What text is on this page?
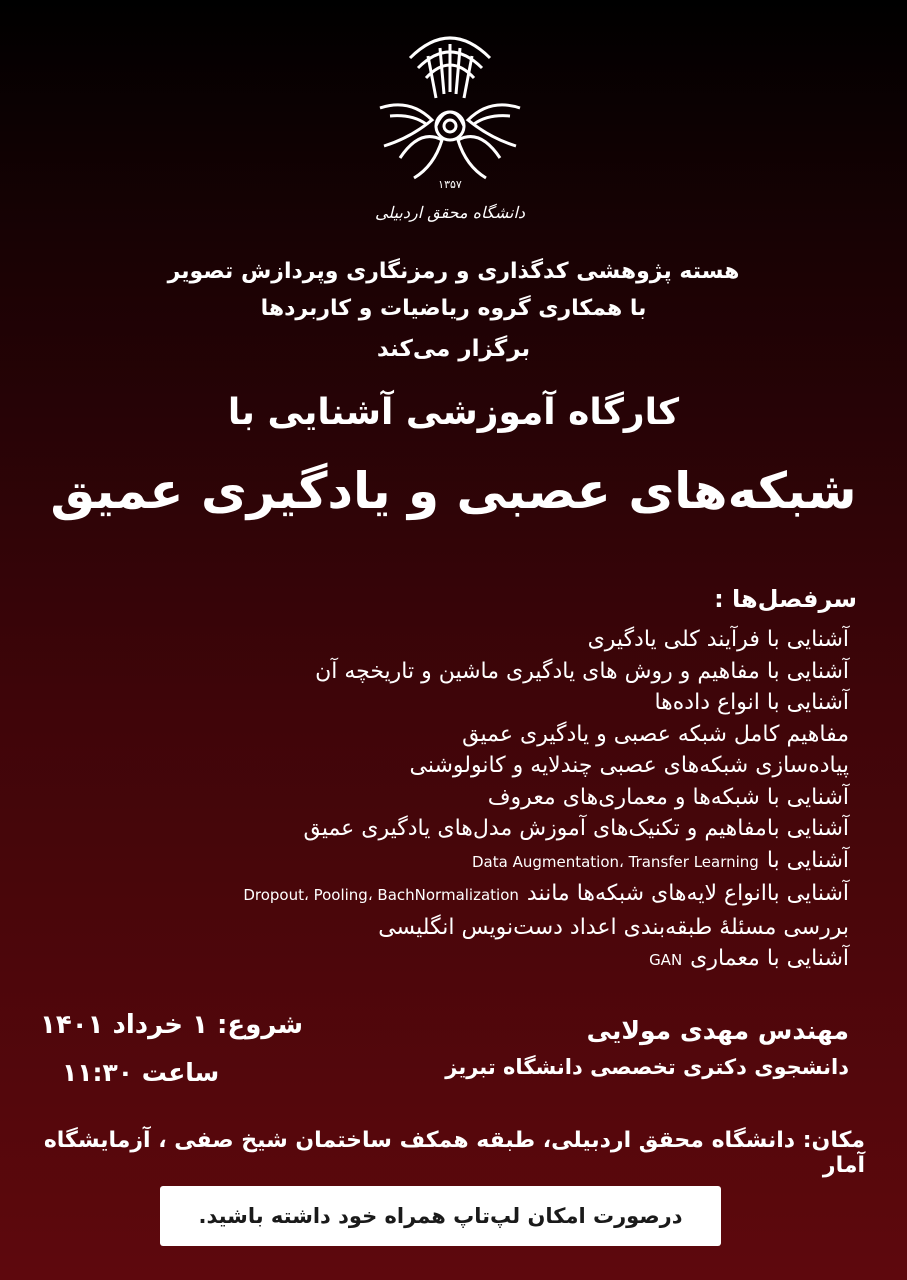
۱۳۵۷
دانشگاه محقق اردبیلی
هسته پژوهشی کدگذاری و رمزنگاری وپردازش تصویر
با همکاری گروه ریاضیات و کاربردها
برگزار می‌کند
کارگاه آموزشی آشنایی با
شبکه‌های عصبی و یادگیری عمیق
سرفصل‌ها :
آشنایی با فرآیند کلی یادگیری
آشنایی با مفاهیم و روش های یادگیری ماشین و تاریخچه آن
آشنایی با انواع داده‌ها
مفاهیم کامل شبکه عصبی و یادگیری عمیق
پیاده‌سازی شبکه‌های عصبی چندلایه و کانولوشنی
آشنایی با شبکه‌ها و معماری‌های معروف
آشنایی بامفاهیم و تکنیک‌های آموزش مدل‌های یادگیری عمیق
آشنایی باData Augmentation، Transfer Learning
آشنایی باانواع لایه‌های شبکه‌ها مانندDropout، Pooling، BachNormalization
بررسی مسئلهٔ طبقه‌بندی اعداد دست‌نویس انگلیسی
آشنایی با معماریGAN
شروع: ۱ خرداد ۱۴۰۱
ساعت ۱۱:۳۰
مهندس مهدی مولایی
دانشجوی دکتری تخصصی دانشگاه تبریز
مکان: دانشگاه محقق اردبیلی، طبقه همکف ساختمان شیخ صفی ، آزمایشگاه آمار
درصورت امکان لپ‌تاپ همراه خود داشته باشید.
